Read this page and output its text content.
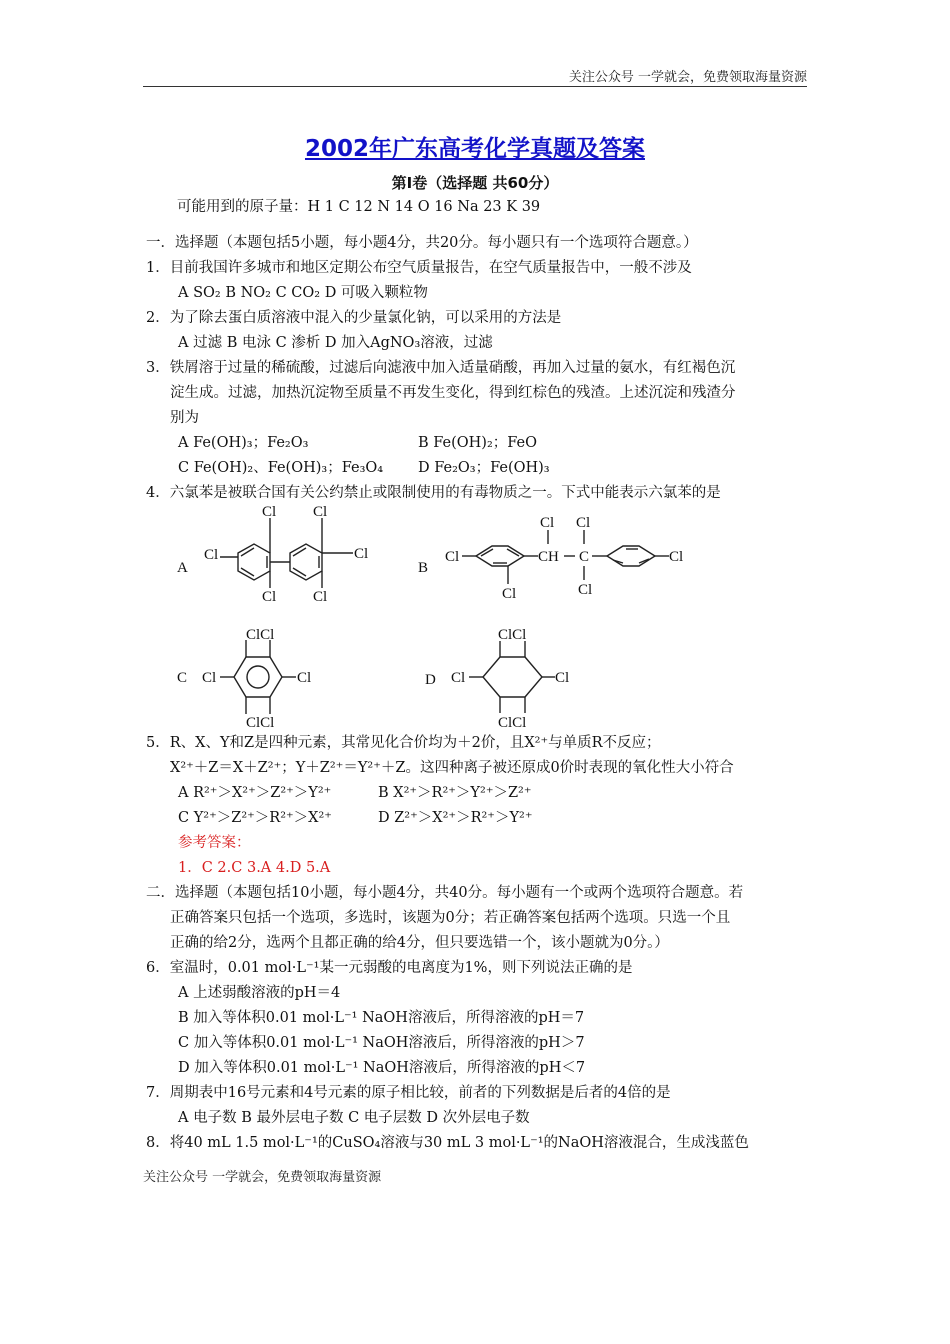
关注公众号 一学就会，免费领取海量资源
2002年广东高考化学真题及答案
第Ⅰ卷（选择题 共60分）
可能用到的原子量：H 1 C 12 N 14 O 16 Na 23 K 39
一．选择题（本题包括5小题，每小题4分，共20分。每小题只有一个选项符合题意。）
1．目前我国许多城市和地区定期公布空气质量报告，在空气质量报告中，一般不涉及
A SO₂ B NO₂ C CO₂ D 可吸入颗粒物
2．为了除去蛋白质溶液中混入的少量氯化钠，可以采用的方法是
A 过滤 B 电泳 C 渗析 D 加入AgNO₃溶液，过滤
3．铁屑溶于过量的稀硫酸，过滤后向滤液中加入适量硝酸，再加入过量的氨水，有红褐色沉
淀生成。过滤，加热沉淀物至质量不再发生变化，得到红棕色的残渣。上述沉淀和残渣分
别为
A Fe(OH)₃；Fe₂O₃	B Fe(OH)₂；FeO
C Fe(OH)₂、Fe(OH)₃；Fe₃O₄ D Fe₂O₃；Fe(OH)₃
4．六氯苯是被联合国有关公约禁止或限制使用的有毒物质之一。下式中能表示六氯苯的是
A
Cl
Cl
Cl
Cl
Cl
Cl
B
Cl
Cl
CH
Cl
C
Cl
Cl
Cl
C
ClCl
ClCl
Cl	Cl	D
ClCl
ClCl
Cl	Cl
5．R、X、Y和Z是四种元素，其常见化合价均为＋2价，且X²⁺与单质R不反应；
X²⁺＋Z＝X＋Z²⁺；Y＋Z²⁺＝Y²⁺＋Z。这四种离子被还原成0价时表现的氧化性大小符合
A R²⁺＞X²⁺＞Z²⁺＞Y²⁺	B X²⁺＞R²⁺＞Y²⁺＞Z²⁺
C Y²⁺＞Z²⁺＞R²⁺＞X²⁺	D Z²⁺＞X²⁺＞R²⁺＞Y²⁺
参考答案：
1．C 2.C 3.A 4.D 5.A
二．选择题（本题包括10小题，每小题4分，共40分。每小题有一个或两个选项符合题意。若
正确答案只包括一个选项，多选时，该题为0分；若正确答案包括两个选项。只选一个且
正确的给2分，选两个且都正确的给4分，但只要选错一个，该小题就为0分。）
6．室温时，0.01 mol·L⁻¹某一元弱酸的电离度为1%，则下列说法正确的是
A 上述弱酸溶液的pH＝4
B 加入等体积0.01 mol·L⁻¹ NaOH溶液后，所得溶液的pH＝7
C 加入等体积0.01 mol·L⁻¹ NaOH溶液后，所得溶液的pH＞7
D 加入等体积0.01 mol·L⁻¹ NaOH溶液后，所得溶液的pH＜7
7．周期表中16号元素和4号元素的原子相比较，前者的下列数据是后者的4倍的是
A 电子数 B 最外层电子数 C 电子层数 D 次外层电子数
8．将40 mL 1.5 mol·L⁻¹的CuSO₄溶液与30 mL 3 mol·L⁻¹的NaOH溶液混合，生成浅蓝色
关注公众号 一学就会，免费领取海量资源
